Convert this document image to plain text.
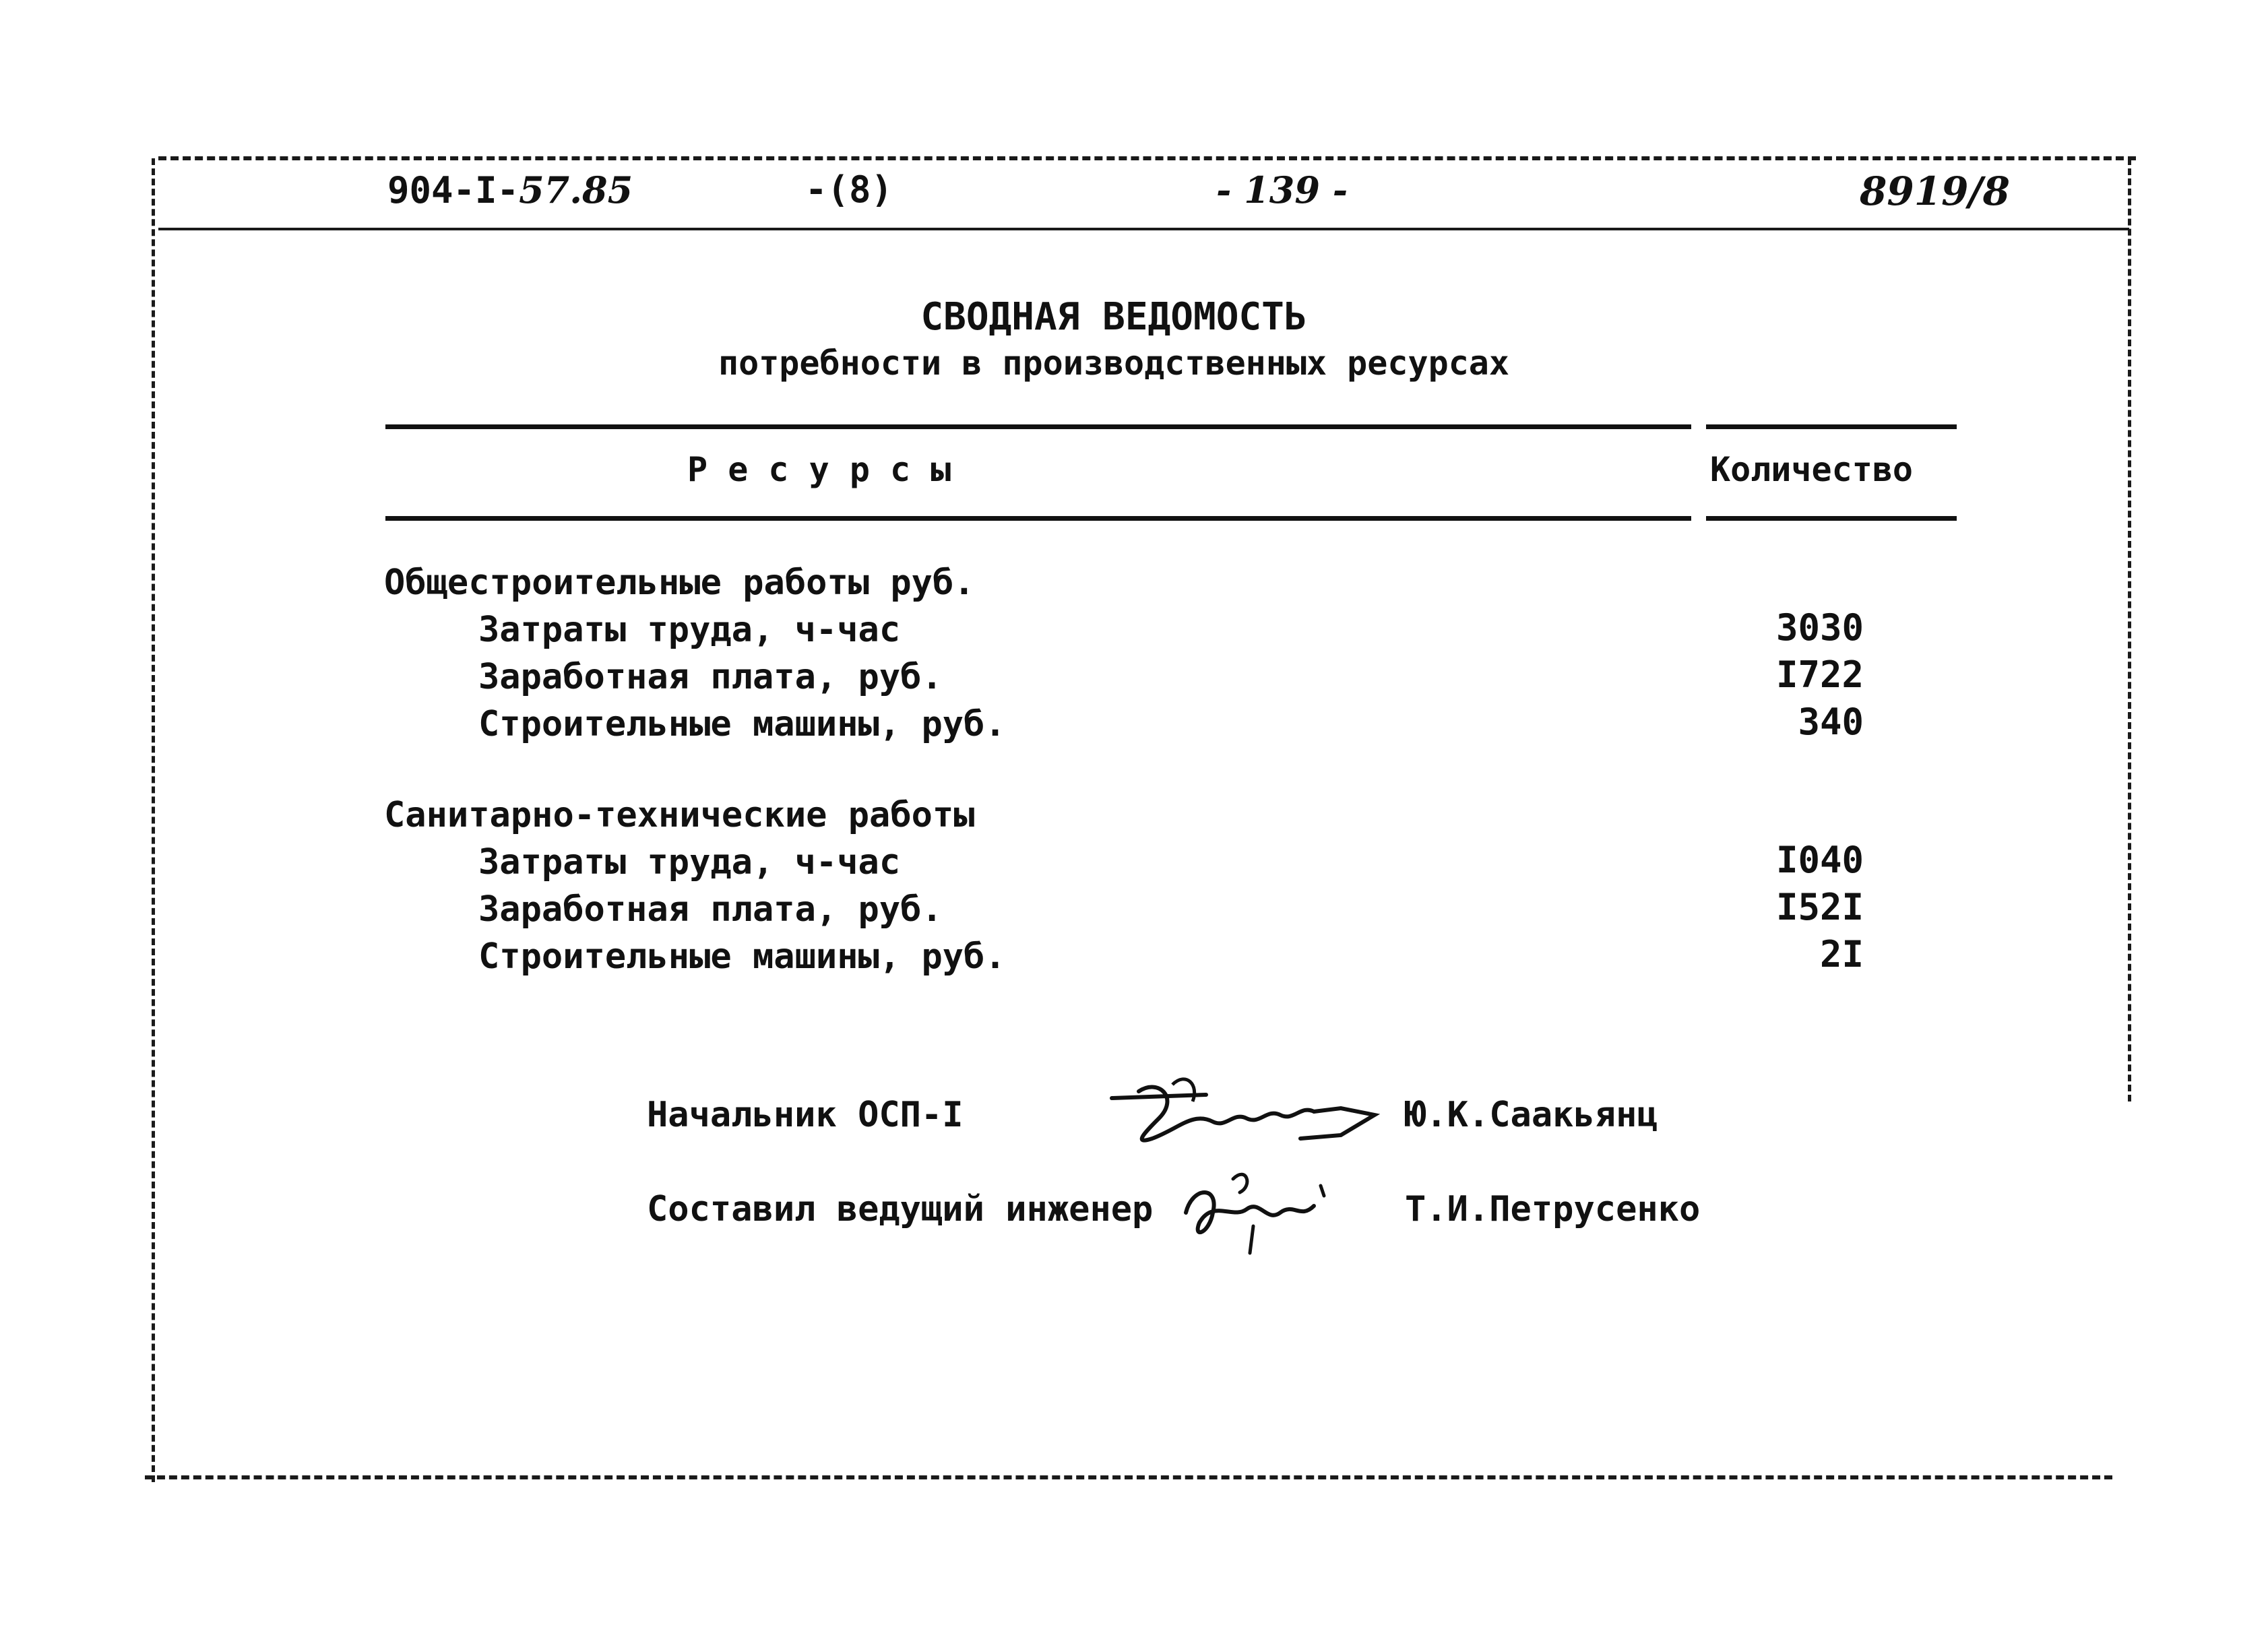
904-I-57.85	-(8)	- 139 -	8919/8
СВОДНАЯ ВЕДОМОСТЬ
потребности в производственных ресурсах
Р е с у р с ы	Количество
Общестроительные работы руб.
Затраты труда, ч-час	3030
Заработная плата, руб.	I722
Строительные машины, руб.	340
Санитарно-технические работы
Затраты труда, ч-час	I040
Заработная плата, руб.	I52I
Строительные машины, руб.	2I
Начальник ОСП-I	Ю.К.Саакьянц
Составил ведущий инженер	Т.И.Петрусенко
